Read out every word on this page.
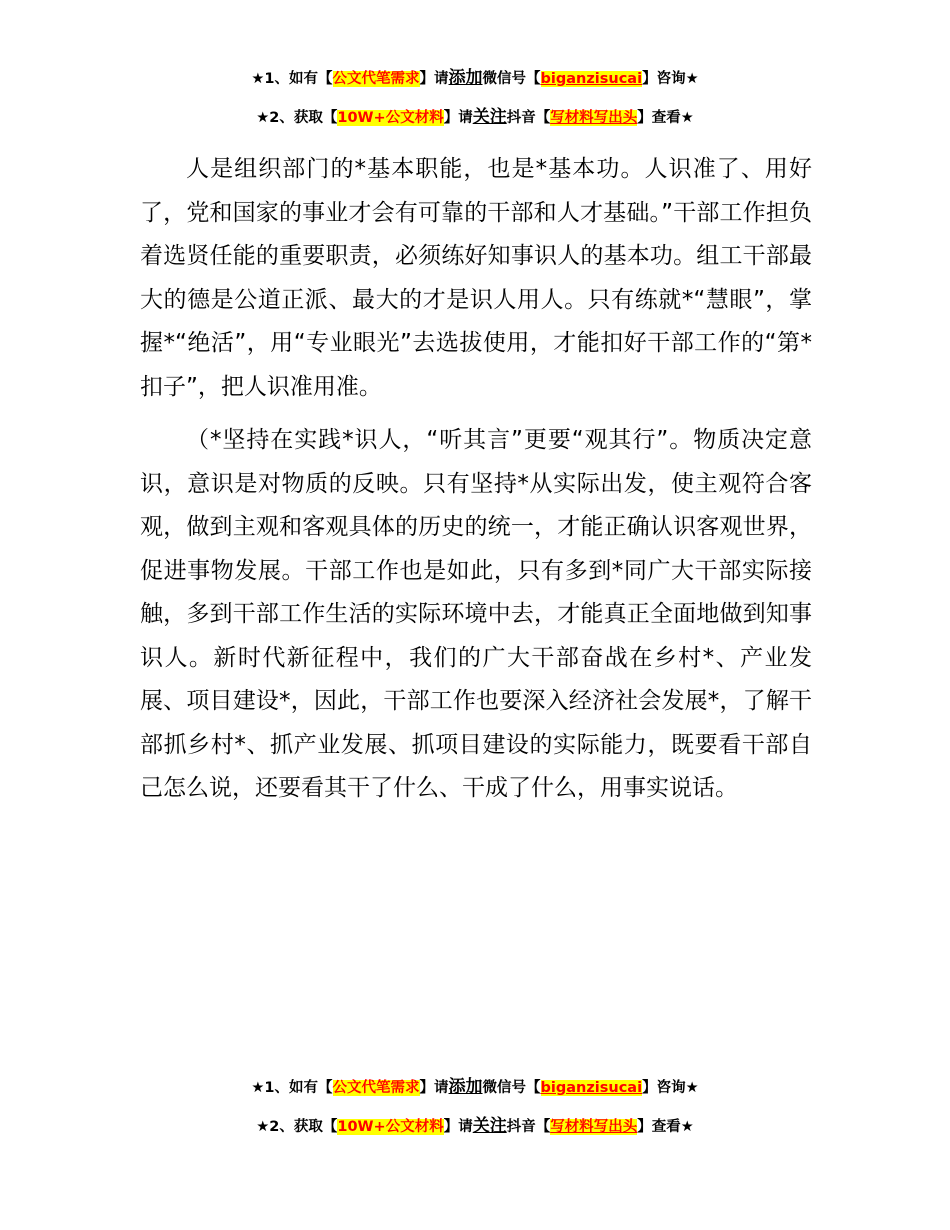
★1、如有【公文代笔需求】请添加微信号【biganzisucai】咨询★
★2、获取【10W+公文材料】请关注抖音【写材料写出头】查看★

人是组织部门的*基本职能，也是*基本功。人识准了、用好了，党和国家的事业才会有可靠的干部和人才基础。”干部工作担负着选贤任能的重要职责，必须练好知事识人的基本功。组工干部最大的德是公道正派、最大的才是识人用人。只有练就*“慧眼”，掌握*“绝活”，用“专业眼光”去选拔使用，才能扣好干部工作的“第*扣子”，把人识准用准。

（*坚持在实践*识人，“听其言”更要“观其行”。物质决定意识，意识是对物质的反映。只有坚持*从实际出发，使主观符合客观，做到主观和客观具体的历史的统一，才能正确认识客观世界，促进事物发展。干部工作也是如此，只有多到*同广大干部实际接触，多到干部工作生活的实际环境中去，才能真正全面地做到知事识人。新时代新征程中，我们的广大干部奋战在乡村*、产业发展、项目建设*，因此，干部工作也要深入经济社会发展*，了解干部抓乡村*、抓产业发展、抓项目建设的实际能力，既要看干部自己怎么说，还要看其干了什么、干成了什么，用事实说话。

★1、如有【公文代笔需求】请添加微信号【biganzisucai】咨询★
★2、获取【10W+公文材料】请关注抖音【写材料写出头】查看★
